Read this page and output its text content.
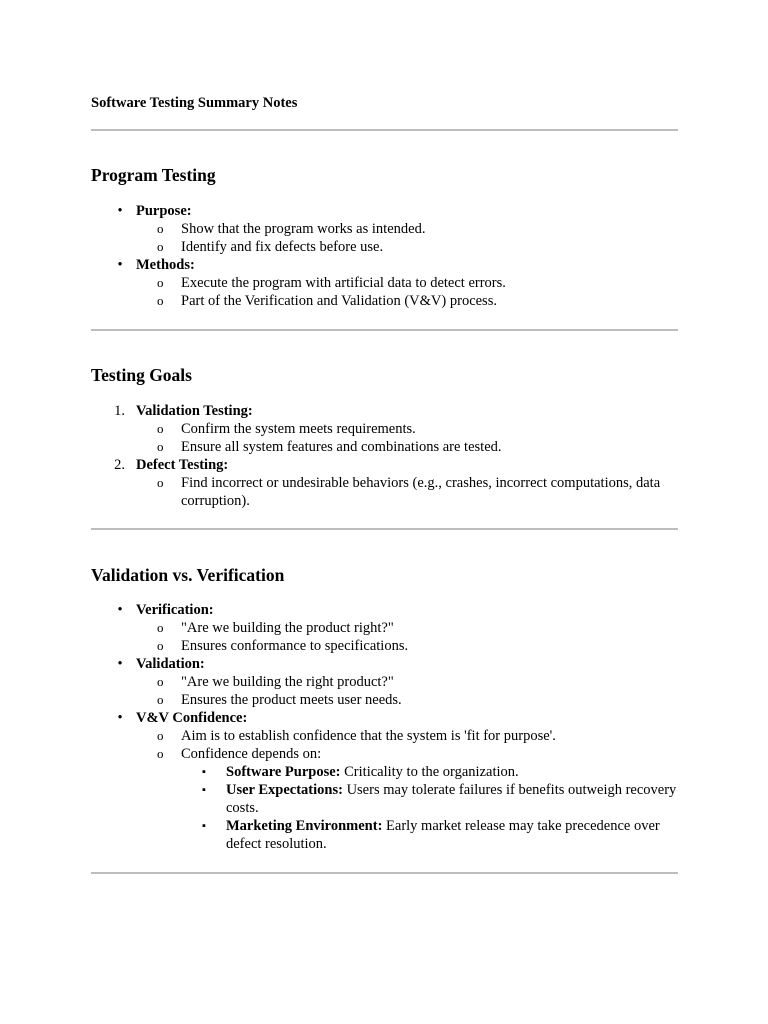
Software Testing Summary Notes
Program Testing
• Purpose:
o Show that the program works as intended.
o Identify and fix defects before use.
• Methods:
o Execute the program with artificial data to detect errors.
o Part of the Verification and Validation (V&V) process.
Testing Goals
1. Validation Testing:
o Confirm the system meets requirements.
o Ensure all system features and combinations are tested.
2. Defect Testing:
o Find incorrect or undesirable behaviors (e.g., crashes, incorrect computations, data corruption).
Validation vs. Verification
• Verification:
o "Are we building the product right?"
o Ensures conformance to specifications.
• Validation:
o "Are we building the right product?"
o Ensures the product meets user needs.
• V&V Confidence:
o Aim is to establish confidence that the system is 'fit for purpose'.
o Confidence depends on:
▪ Software Purpose: Criticality to the organization.
▪ User Expectations: Users may tolerate failures if benefits outweigh recovery costs.
▪ Marketing Environment: Early market release may take precedence over defect resolution.
